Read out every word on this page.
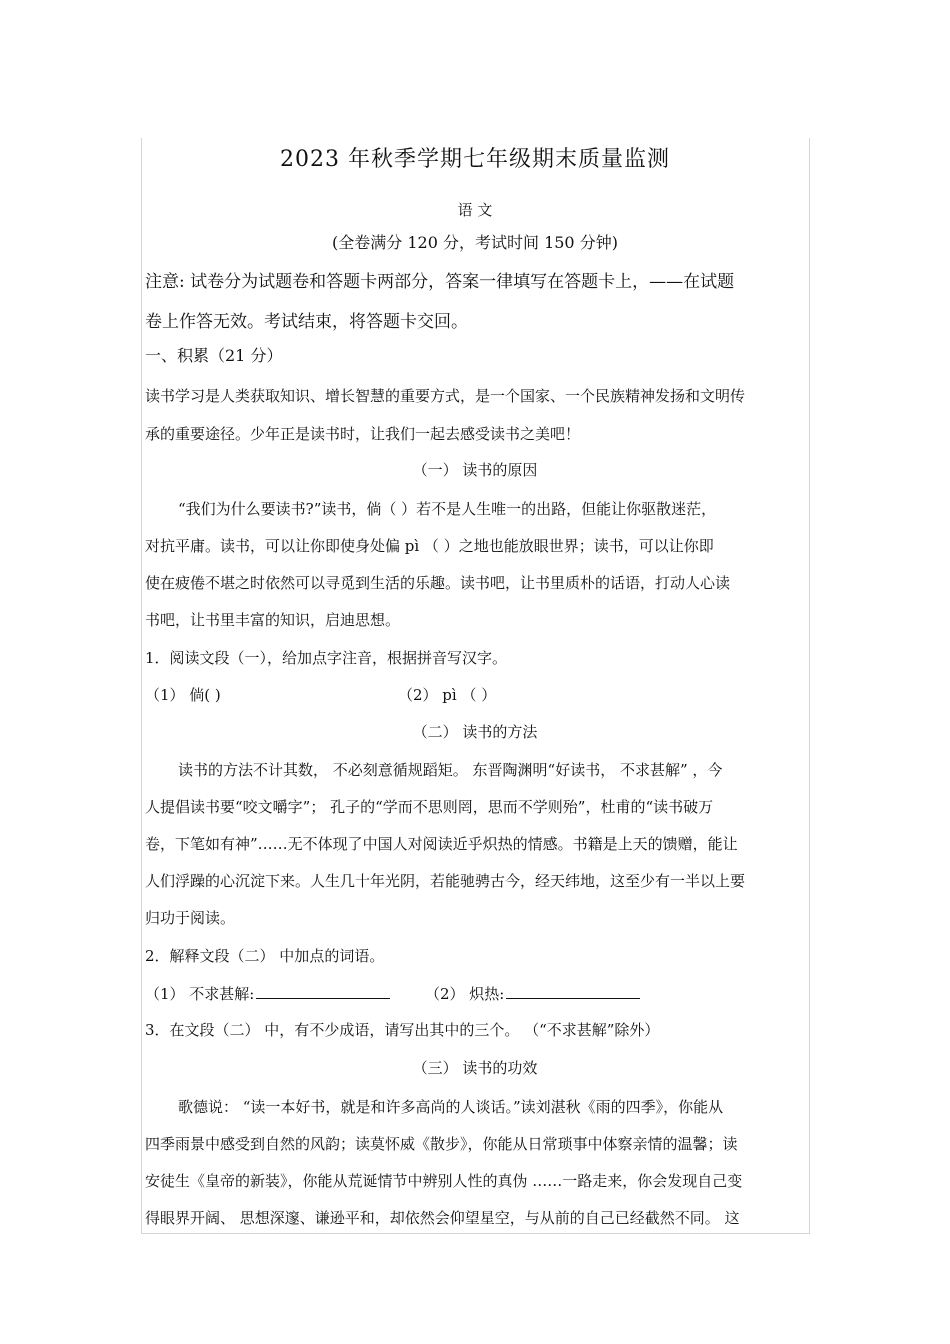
2023 年秋季学期七年级期末质量监测
语 文
(全卷满分 120 分，考试时间 150 分钟)
注意: 试卷分为试题卷和答题卡两部分，答案一律填写在答题卡上，——在试题
卷上作答无效。考试结束，将答题卡交回。
一、积累（21 分）
读书学习是人类获取知识、增长智慧的重要方式，是一个国家、一个民族精神发扬和文明传
承的重要途径。少年正是读书时，让我们一起去感受读书之美吧！
（一） 读书的原因
“我们为什么要读书?”读书，倘（ ）若不是人生唯一的出路，但能让你驱散迷茫，
对抗平庸。读书，可以让你即使身处偏 pì （ ）之地也能放眼世界；读书，可以让你即
使在疲倦不堪之时依然可以寻觅到生活的乐趣。读书吧，让书里质朴的话语，打动人心读
书吧，让书里丰富的知识，启迪思想。
1．阅读文段（一），给加点字注音，根据拼音写汉字。
（1） 倘( )	（2） pì （ ）
（二） 读书的方法
读书的方法不计其数， 不必刻意循规蹈矩。 东晋陶渊明“好读书， 不求甚解” ，今
人提倡读书要“咬文嚼字”； 孔子的“学而不思则罔，思而不学则殆”，杜甫的“读书破万
卷，下笔如有神”……无不体现了中国人对阅读近乎炽热的情感。书籍是上天的馈赠，能让
人们浮躁的心沉淀下来。人生几十年光阴，若能驰骋古今，经天纬地，这至少有一半以上要
归功于阅读。
2．解释文段（二） 中加点的词语。
（1） 不求甚解:	（2） 炽热:
3．在文段（二） 中，有不少成语，请写出其中的三个。 （“不求甚解”除外）
（三） 读书的功效
歌德说： “读一本好书，就是和许多高尚的人谈话。”读刘湛秋《雨的四季》，你能从
四季雨景中感受到自然的风韵；读莫怀威《散步》，你能从日常琐事中体察亲情的温馨；读
安徒生《皇帝的新装》，你能从荒诞情节中辨别人性的真伪 ……一路走来，你会发现自己变
得眼界开阔、 思想深邃、谦逊平和，却依然会仰望星空，与从前的自己已经截然不同。 这
